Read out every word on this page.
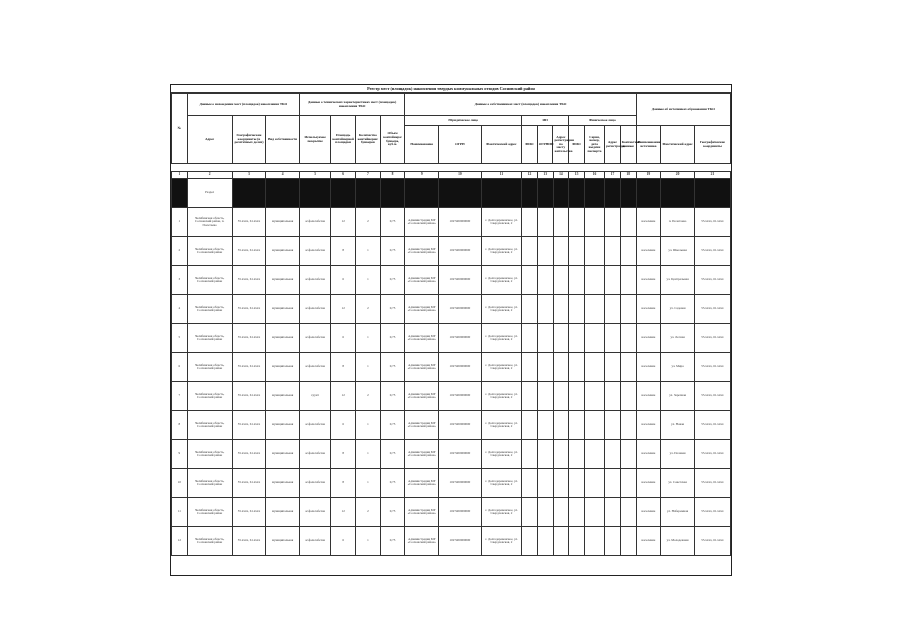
Реестр мест (площадок) накопления твердых коммунальных отходов Сосновский район
№	Данные о нахождении мест (площадок) накопления ТКО			Данные о технических характеристиках мест (площадок) накопления ТКО				Данные о собственниках мест (площадок) накопления ТКО										Данные об источниках образования ТКО		
	Адрес	Географические координаты (в десятичных долях)	Вид собственности	Используемое покрытие	Площадь контейнерной площадки	Количество контейнеров/бункеров	Объем контейнера/бункера, куб.м.	Юридическое лицо			ИП			Физическое лицо						
								Наименование	ОГРН	Фактический адрес	ФИО	ОГРНИП	Адрес регистрации по месту жительства	ФИО	Серия, номер, дата выдачи паспорта	Адрес регистрации	Контактные данные	Наименование источника	Фактический адрес	Географические координаты
1	2	3	4	5	6	7	8	9	10	11	12	13	14	15	16	17	18	19	20	21
	Раздел																			
1	Челябинская область, Сосновский район, п. Полетаево	55.xxxx, 61.xxxx	муниципальная	асфальтобетон	12	2	0,75	Администрация МР «Сосновский район»	1027400000000	с. Долгодеревенское, ул. Свердловская, 2								население	п. Полетаево	55.xxxx, 61.xxxx
2	Челябинская область, Сосновский район	55.xxxx, 61.xxxx	муниципальная	асфальтобетон	8	1	0,75	Администрация МР «Сосновский район»	1027400000000	с. Долгодеревенское, ул. Свердловская, 2								население	ул. Школьная	55.xxxx, 61.xxxx
3	Челябинская область, Сосновский район	55.xxxx, 61.xxxx	муниципальная	асфальтобетон	6	1	0,75	Администрация МР «Сосновский район»	1027400000000	с. Долгодеревенское, ул. Свердловская, 2								население	ул. Центральная	55.xxxx, 61.xxxx
4	Челябинская область, Сосновский район	55.xxxx, 61.xxxx	муниципальная	асфальтобетон	12	2	0,75	Администрация МР «Сосновский район»	1027400000000	с. Долгодеревенское, ул. Свердловская, 2								население	ул. Садовая	55.xxxx, 61.xxxx
5	Челябинская область, Сосновский район	55.xxxx, 61.xxxx	муниципальная	асфальтобетон	6	1	0,75	Администрация МР «Сосновский район»	1027400000000	с. Долгодеревенское, ул. Свердловская, 2								население	ул. Лесная	55.xxxx, 61.xxxx
6	Челябинская область, Сосновский район	55.xxxx, 61.xxxx	муниципальная	асфальтобетон	8	1	0,75	Администрация МР «Сосновский район»	1027400000000	с. Долгодеревенское, ул. Свердловская, 2								население	ул. Мира	55.xxxx, 61.xxxx
7	Челябинская область, Сосновский район	55.xxxx, 61.xxxx	муниципальная	грунт	12	2	0,75	Администрация МР «Сосновский район»	1027400000000	с. Долгодеревенское, ул. Свердловская, 2								население	ул. Заречная	55.xxxx, 61.xxxx
8	Челябинская область, Сосновский район	55.xxxx, 61.xxxx	муниципальная	асфальтобетон	6	1	0,75	Администрация МР «Сосновский район»	1027400000000	с. Долгодеревенское, ул. Свердловская, 2								население	ул. Новая	55.xxxx, 61.xxxx
9	Челябинская область, Сосновский район	55.xxxx, 61.xxxx	муниципальная	асфальтобетон	8	1	0,75	Администрация МР «Сосновский район»	1027400000000	с. Долгодеревенское, ул. Свердловская, 2								население	ул. Полевая	55.xxxx, 61.xxxx
10	Челябинская область, Сосновский район	55.xxxx, 61.xxxx	муниципальная	асфальтобетон	8	1	0,75	Администрация МР «Сосновский район»	1027400000000	с. Долгодеревенское, ул. Свердловская, 2								население	ул. Советская	55.xxxx, 61.xxxx
11	Челябинская область, Сосновский район	55.xxxx, 61.xxxx	муниципальная	асфальтобетон	12	2	0,75	Администрация МР «Сосновский район»	1027400000000	с. Долгодеревенское, ул. Свердловская, 2								население	ул. Набережная	55.xxxx, 61.xxxx
12	Челябинская область, Сосновский район	55.xxxx, 61.xxxx	муниципальная	асфальтобетон	6	1	0,75	Администрация МР «Сосновский район»	1027400000000	с. Долгодеревенское, ул. Свердловская, 2								население	ул. Молодежная	55.xxxx, 61.xxxx
